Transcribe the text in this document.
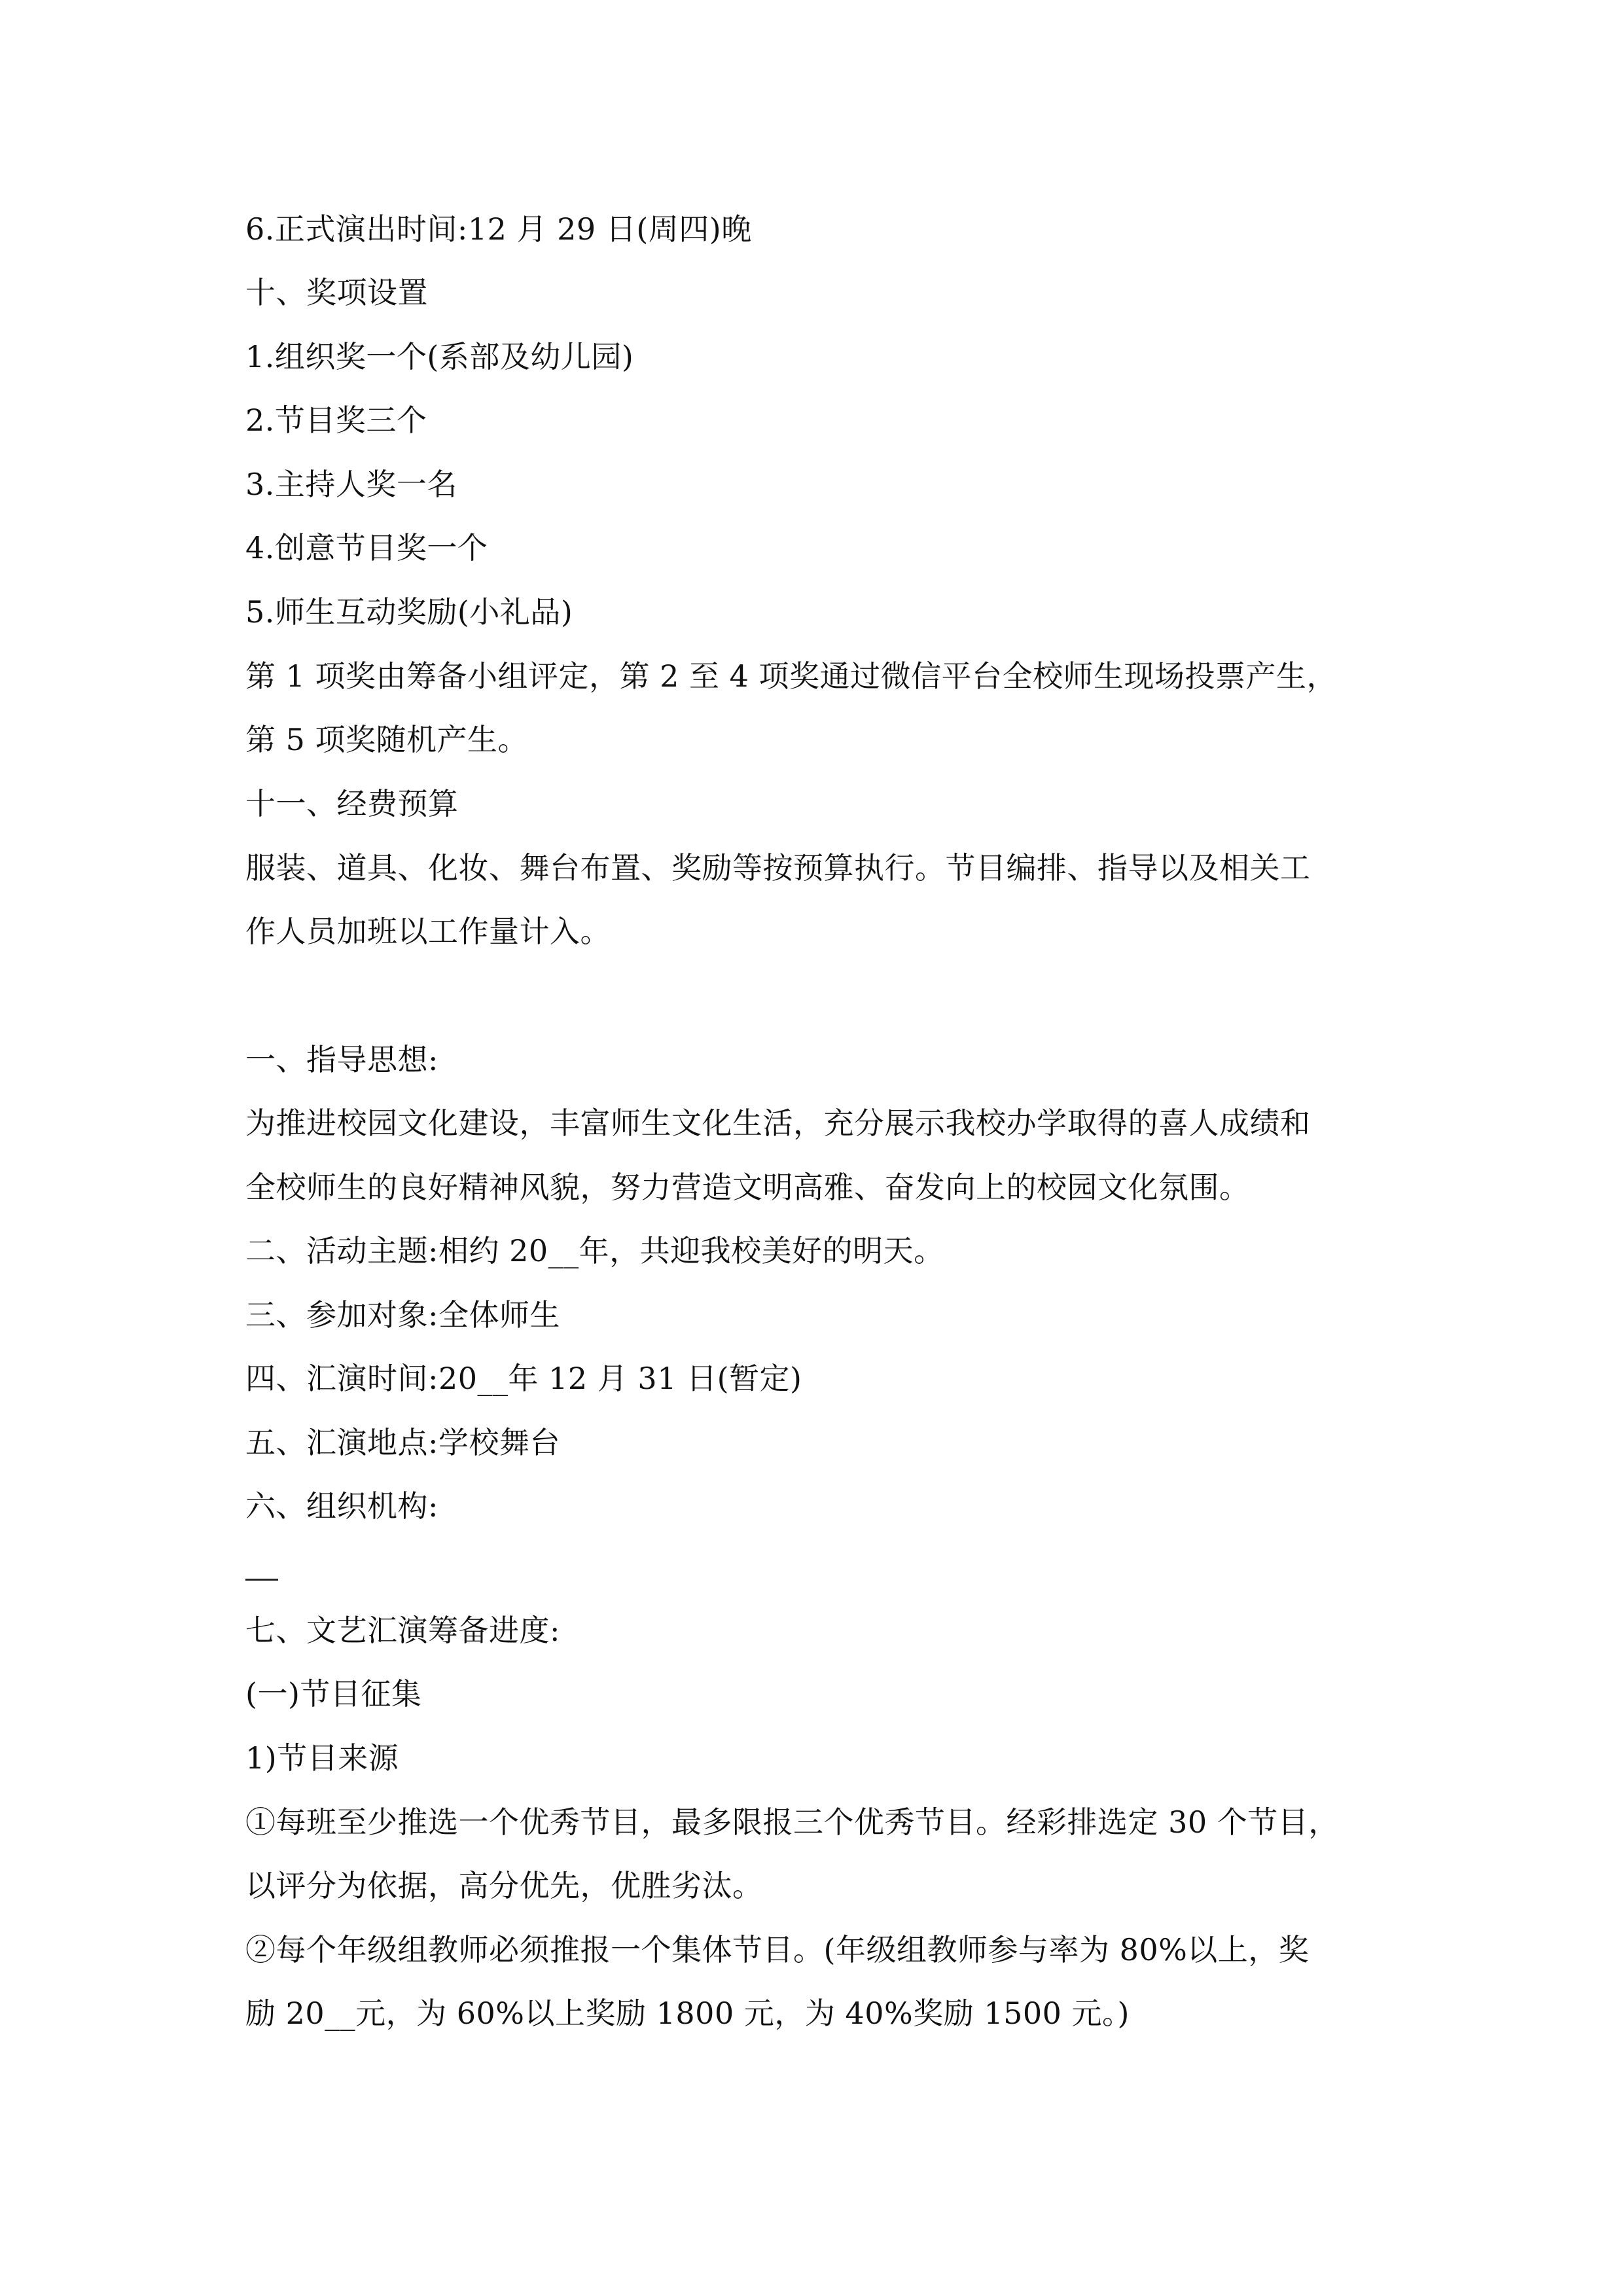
6.正式演出时间:12 月 29 日(周四)晚
十、奖项设置
1.组织奖一个(系部及幼儿园)
2.节目奖三个
3.主持人奖一名
4.创意节目奖一个
5.师生互动奖励(小礼品)
第 1 项奖由筹备小组评定，第 2 至 4 项奖通过微信平台全校师生现场投票产生，
第 5 项奖随机产生。
十一、经费预算
服装、道具、化妆、舞台布置、奖励等按预算执行。节目编排、指导以及相关工
作人员加班以工作量计入。
一、指导思想:
为推进校园文化建设，丰富师生文化生活，充分展示我校办学取得的喜人成绩和
全校师生的良好精神风貌，努力营造文明高雅、奋发向上的校园文化氛围。
二、活动主题:相约 20__年，共迎我校美好的明天。
三、参加对象:全体师生
四、汇演时间:20__年 12 月 31 日(暂定)
五、汇演地点:学校舞台
六、组织机构:
七、文艺汇演筹备进度:
(一)节目征集
1)节目来源
①每班至少推选一个优秀节目，最多限报三个优秀节目。经彩排选定 30 个节目，
以评分为依据，高分优先，优胜劣汰。
②每个年级组教师必须推报一个集体节目。(年级组教师参与率为 80%以上，奖
励 20__元，为 60%以上奖励 1800 元，为 40%奖励 1500 元。)
